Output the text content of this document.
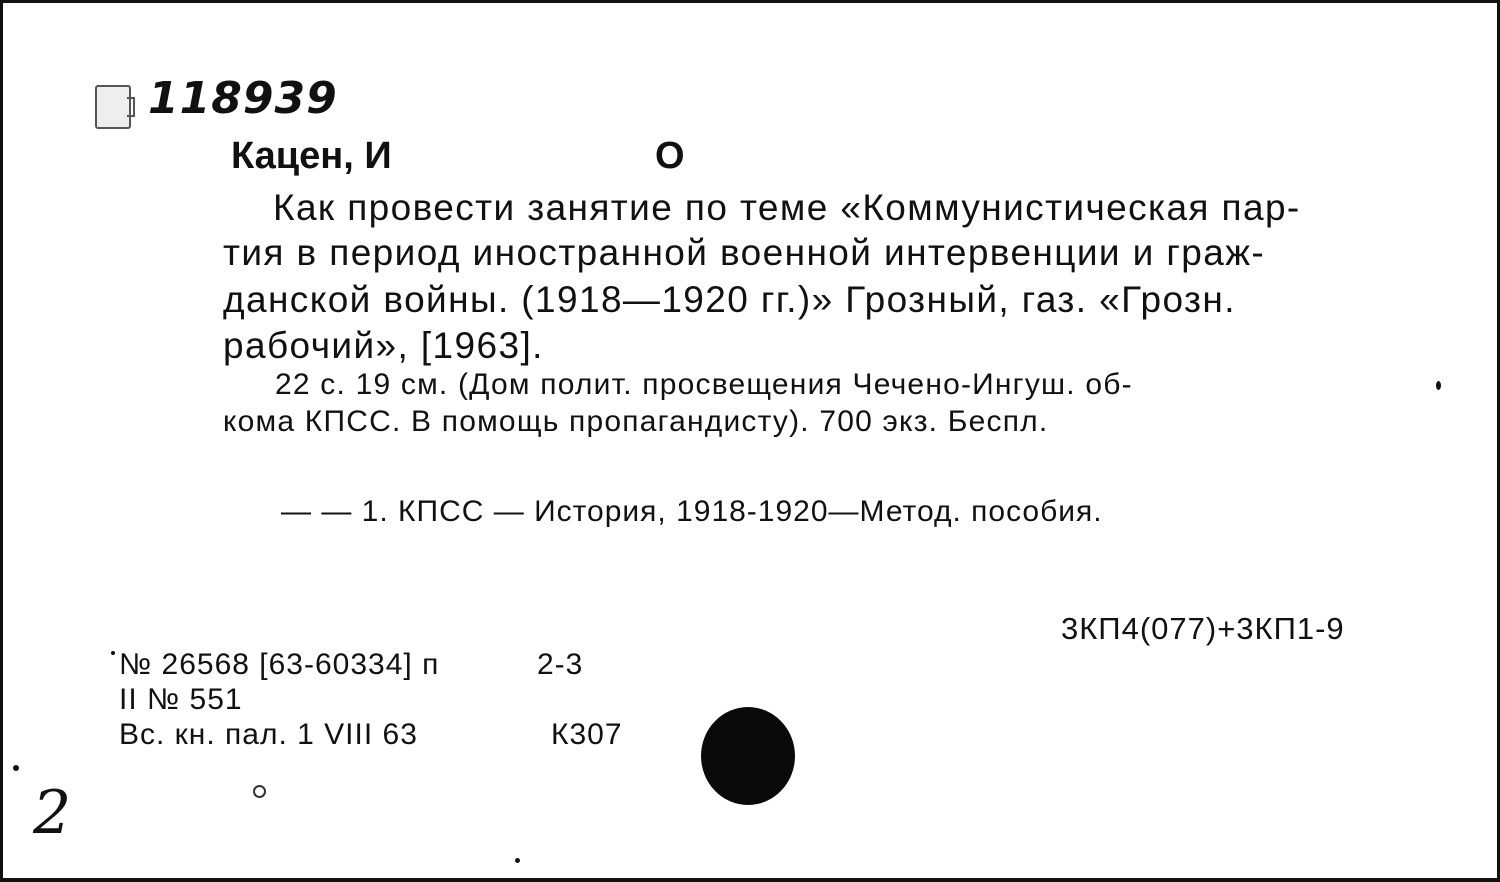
118939
Кацен, И	О
Как провести занятие по теме «Коммунистическая пар-
тия в период иностранной военной интервенции и граж-
данской войны. (1918—1920 гг.)» Грозный, газ. «Грозн.
рабочий», [1963].
22 с. 19 см. (Дом полит. просвещения Чечено-Ингуш. об-
кома КПСС. В помощь пропагандисту). 700 экз. Беспл.
— — 1. КПСС — История, 1918-1920—Метод. пособия.
3КП4(077)+3КП1-9
№ 26568 [63-60334] п	2-3
II № 551
Вс. кн. пал. 1 VIII 63	К307
2
